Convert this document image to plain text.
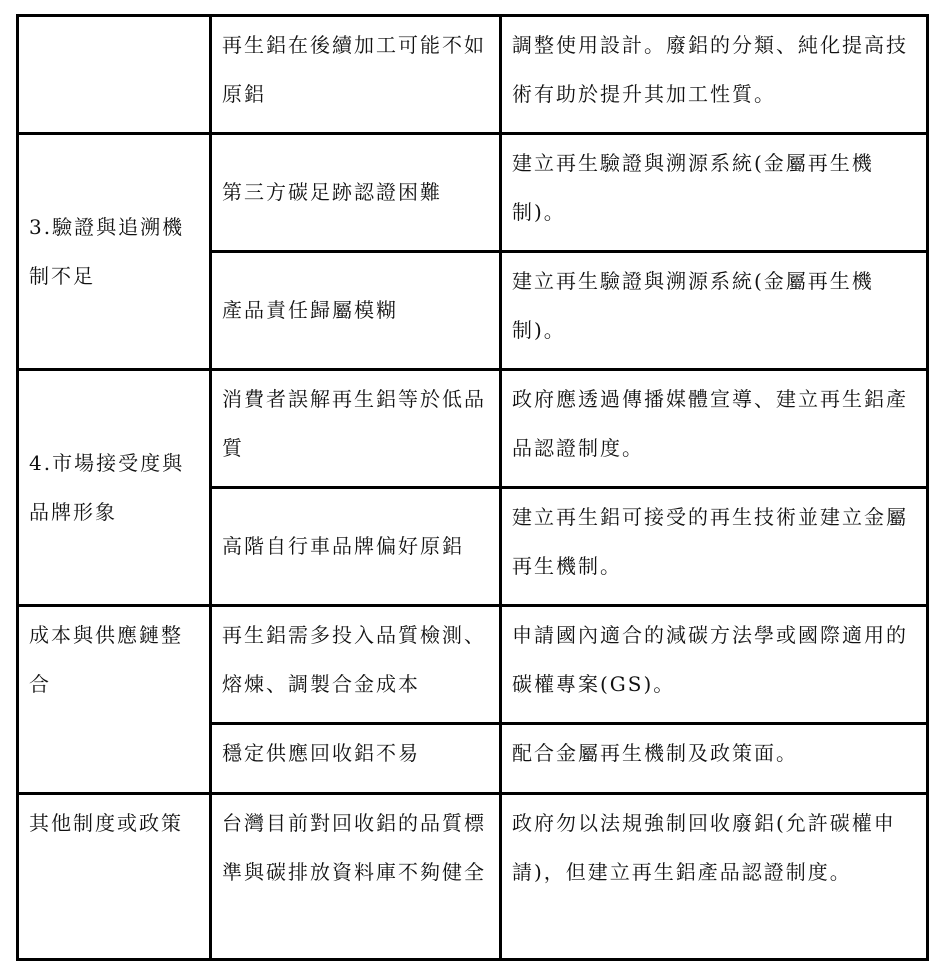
	再生鋁在後續加工可能不如原鋁	調整使用設計。廢鋁的分類、純化提高技術有助於提升其加工性質。
3.驗證與追溯機制不足	第三方碳足跡認證困難	建立再生驗證與溯源系統(金屬再生機制)。
	產品責任歸屬模糊	建立再生驗證與溯源系統(金屬再生機制)。
4.市場接受度與品牌形象	消費者誤解再生鋁等於低品質	政府應透過傳播媒體宣導、建立再生鋁產品認證制度。
	高階自行車品牌偏好原鋁	建立再生鋁可接受的再生技術並建立金屬再生機制。
成本與供應鏈整合	再生鋁需多投入品質檢測、熔煉、調製合金成本	申請國內適合的減碳方法學或國際適用的碳權專案(GS)。
	穩定供應回收鋁不易	配合金屬再生機制及政策面。
其他制度或政策	台灣目前對回收鋁的品質標準與碳排放資料庫不夠健全	政府勿以法規強制回收廢鋁(允許碳權申請)，但建立再生鋁產品認證制度。
